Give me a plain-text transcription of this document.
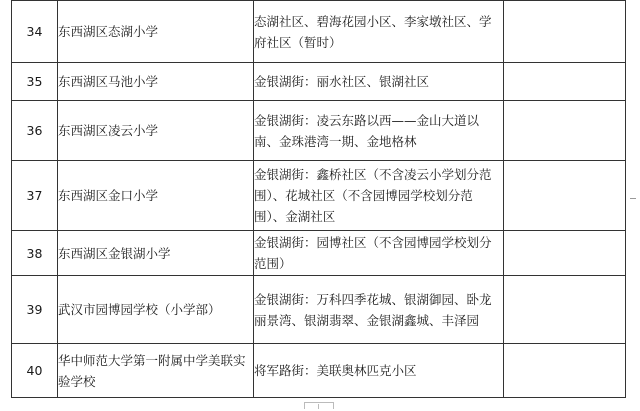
34	东西湖区态湖小学	态湖社区、碧海花园小区、李家墩社区、学府社区（暂时）	
35	东西湖区马池小学	金银湖街：丽水社区、银湖社区	
36	东西湖区凌云小学	金银湖街：凌云东路以西——金山大道以南、金珠港湾一期、金地格林	
37	东西湖区金口小学	金银湖街：鑫桥社区（不含凌云小学划分范围）、花城社区（不含园博园学校划分范围）、金湖社区	
38	东西湖区金银湖小学	金银湖街：园博社区（不含园博园学校划分范围）	
39	武汉市园博园学校（小学部）	金银湖街：万科四季花城、银湖御园、卧龙丽景湾、银湖翡翠、金银湖鑫城、丰泽园	
40	华中师范大学第一附属中学美联实验学校	将军路街：美联奥林匹克小区	
